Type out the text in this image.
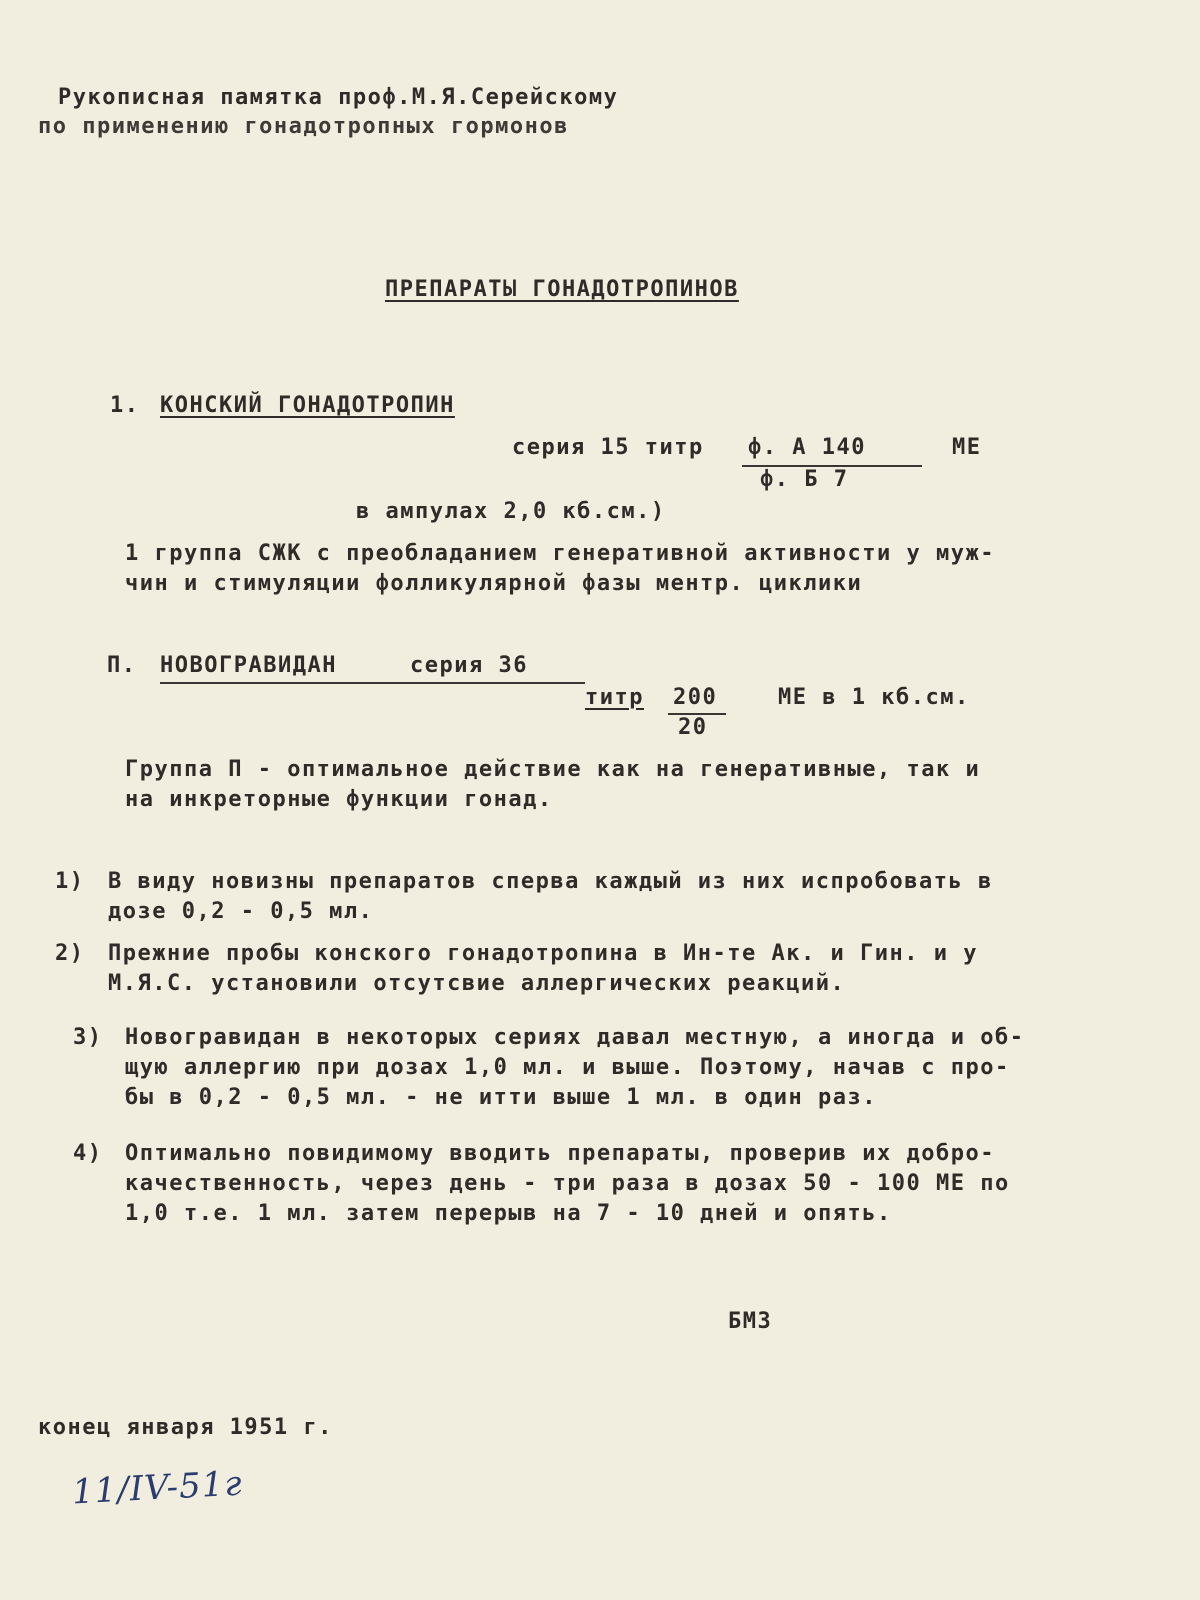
Рукописная памятка проф.М.Я.Серейскому
по применению гонадотропных гормонов
ПРЕПАРАТЫ ГОНАДОТРОПИНОВ
1. КОНСКИЙ ГОНАДОТРОПИН
серия 15 титр ф. А 140	МЕ
ф. Б 7
в ампулах 2,0 кб.см.)
1 группа СЖК с преобладанием генеративной активности у муж-
чин и стимуляции фолликулярной фазы ментр. циклики
П. НОВОГРАВИДАН	серия 36
титр 200
20
МЕ в 1 кб.см.
Группа П - оптимальное действие как на генеративные, так и
на инкреторные функции гонад.
1) В виду новизны препаратов сперва каждый из них испробовать в
дозе 0,2 - 0,5 мл.
2) Прежние пробы конского гонадотропина в Ин-те Ак. и Гин. и у
М.Я.С. установили отсутсвие аллергических реакций.
3) Новогравидан в некоторых сериях давал местную, а иногда и об-
щую аллергию при дозах 1,0 мл. и выше. Поэтому, начав с про-
бы в 0,2 - 0,5 мл. - не итти выше 1 мл. в один раз.
4) Оптимально повидимому вводить препараты, проверив их добро-
качественность, через день - три раза в дозах 50 - 100 МЕ по
1,0 т.е. 1 мл. затем перерыв на 7 - 10 дней и опять.
БМЗ
конец января 1951 г.
11/IV-51г
